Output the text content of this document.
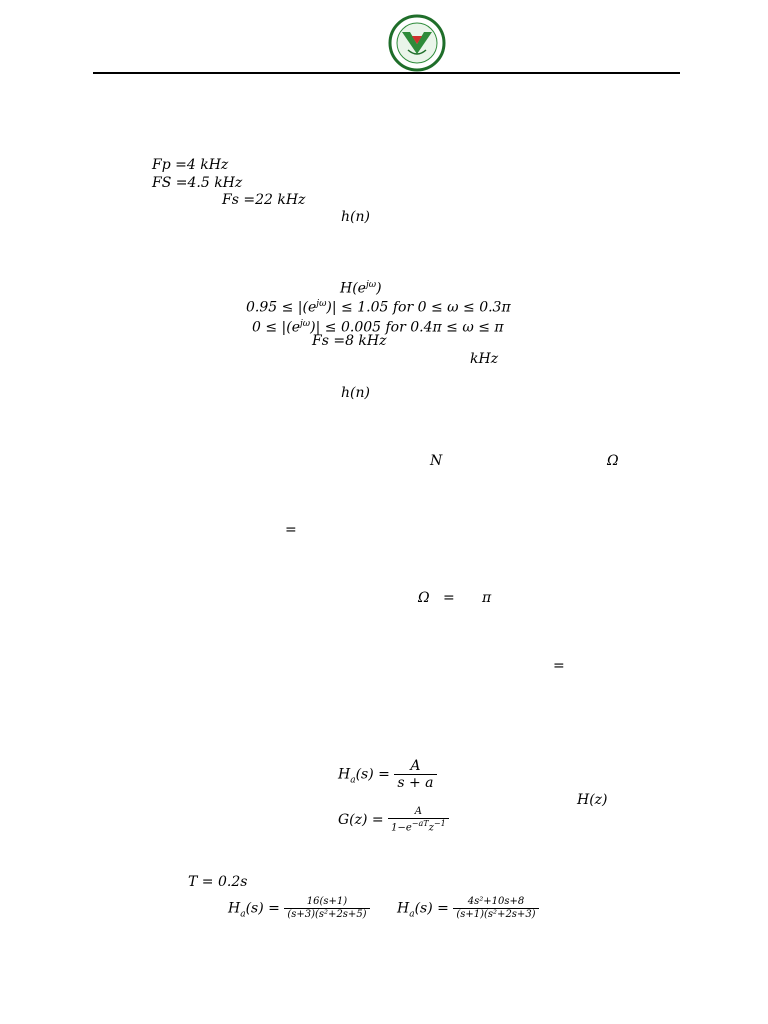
Fp =4 kHz
FS =4.5 kHz
Fs =22 kHz
h(n)
$H(e^{j\omega})$
$0.95 \le |(e^{j\omega})| \le 1.05$ for 0 ≤ ω ≤ 0.3π
$0 \le |(e^{j\omega})| \le 0.005$ for 0.4π ≤ ω ≤ π
Fs =8 kHz
kHz
h(n)
N	Ω
=
Ω = π
=
$H_a(s) = \frac{A}{s + a}$
H(z)
$G(z) = \frac{A}{1-e^{-aT}z^{-1}}$
T = 0.2s
$H_a(s) = \frac{16(s+1)}{\text{(s+3)(s²+2s+5)}} H_a(s) = \frac{\text{4s²+10s+8}}{\text{(s+1)(s²+2s+3)}}$
